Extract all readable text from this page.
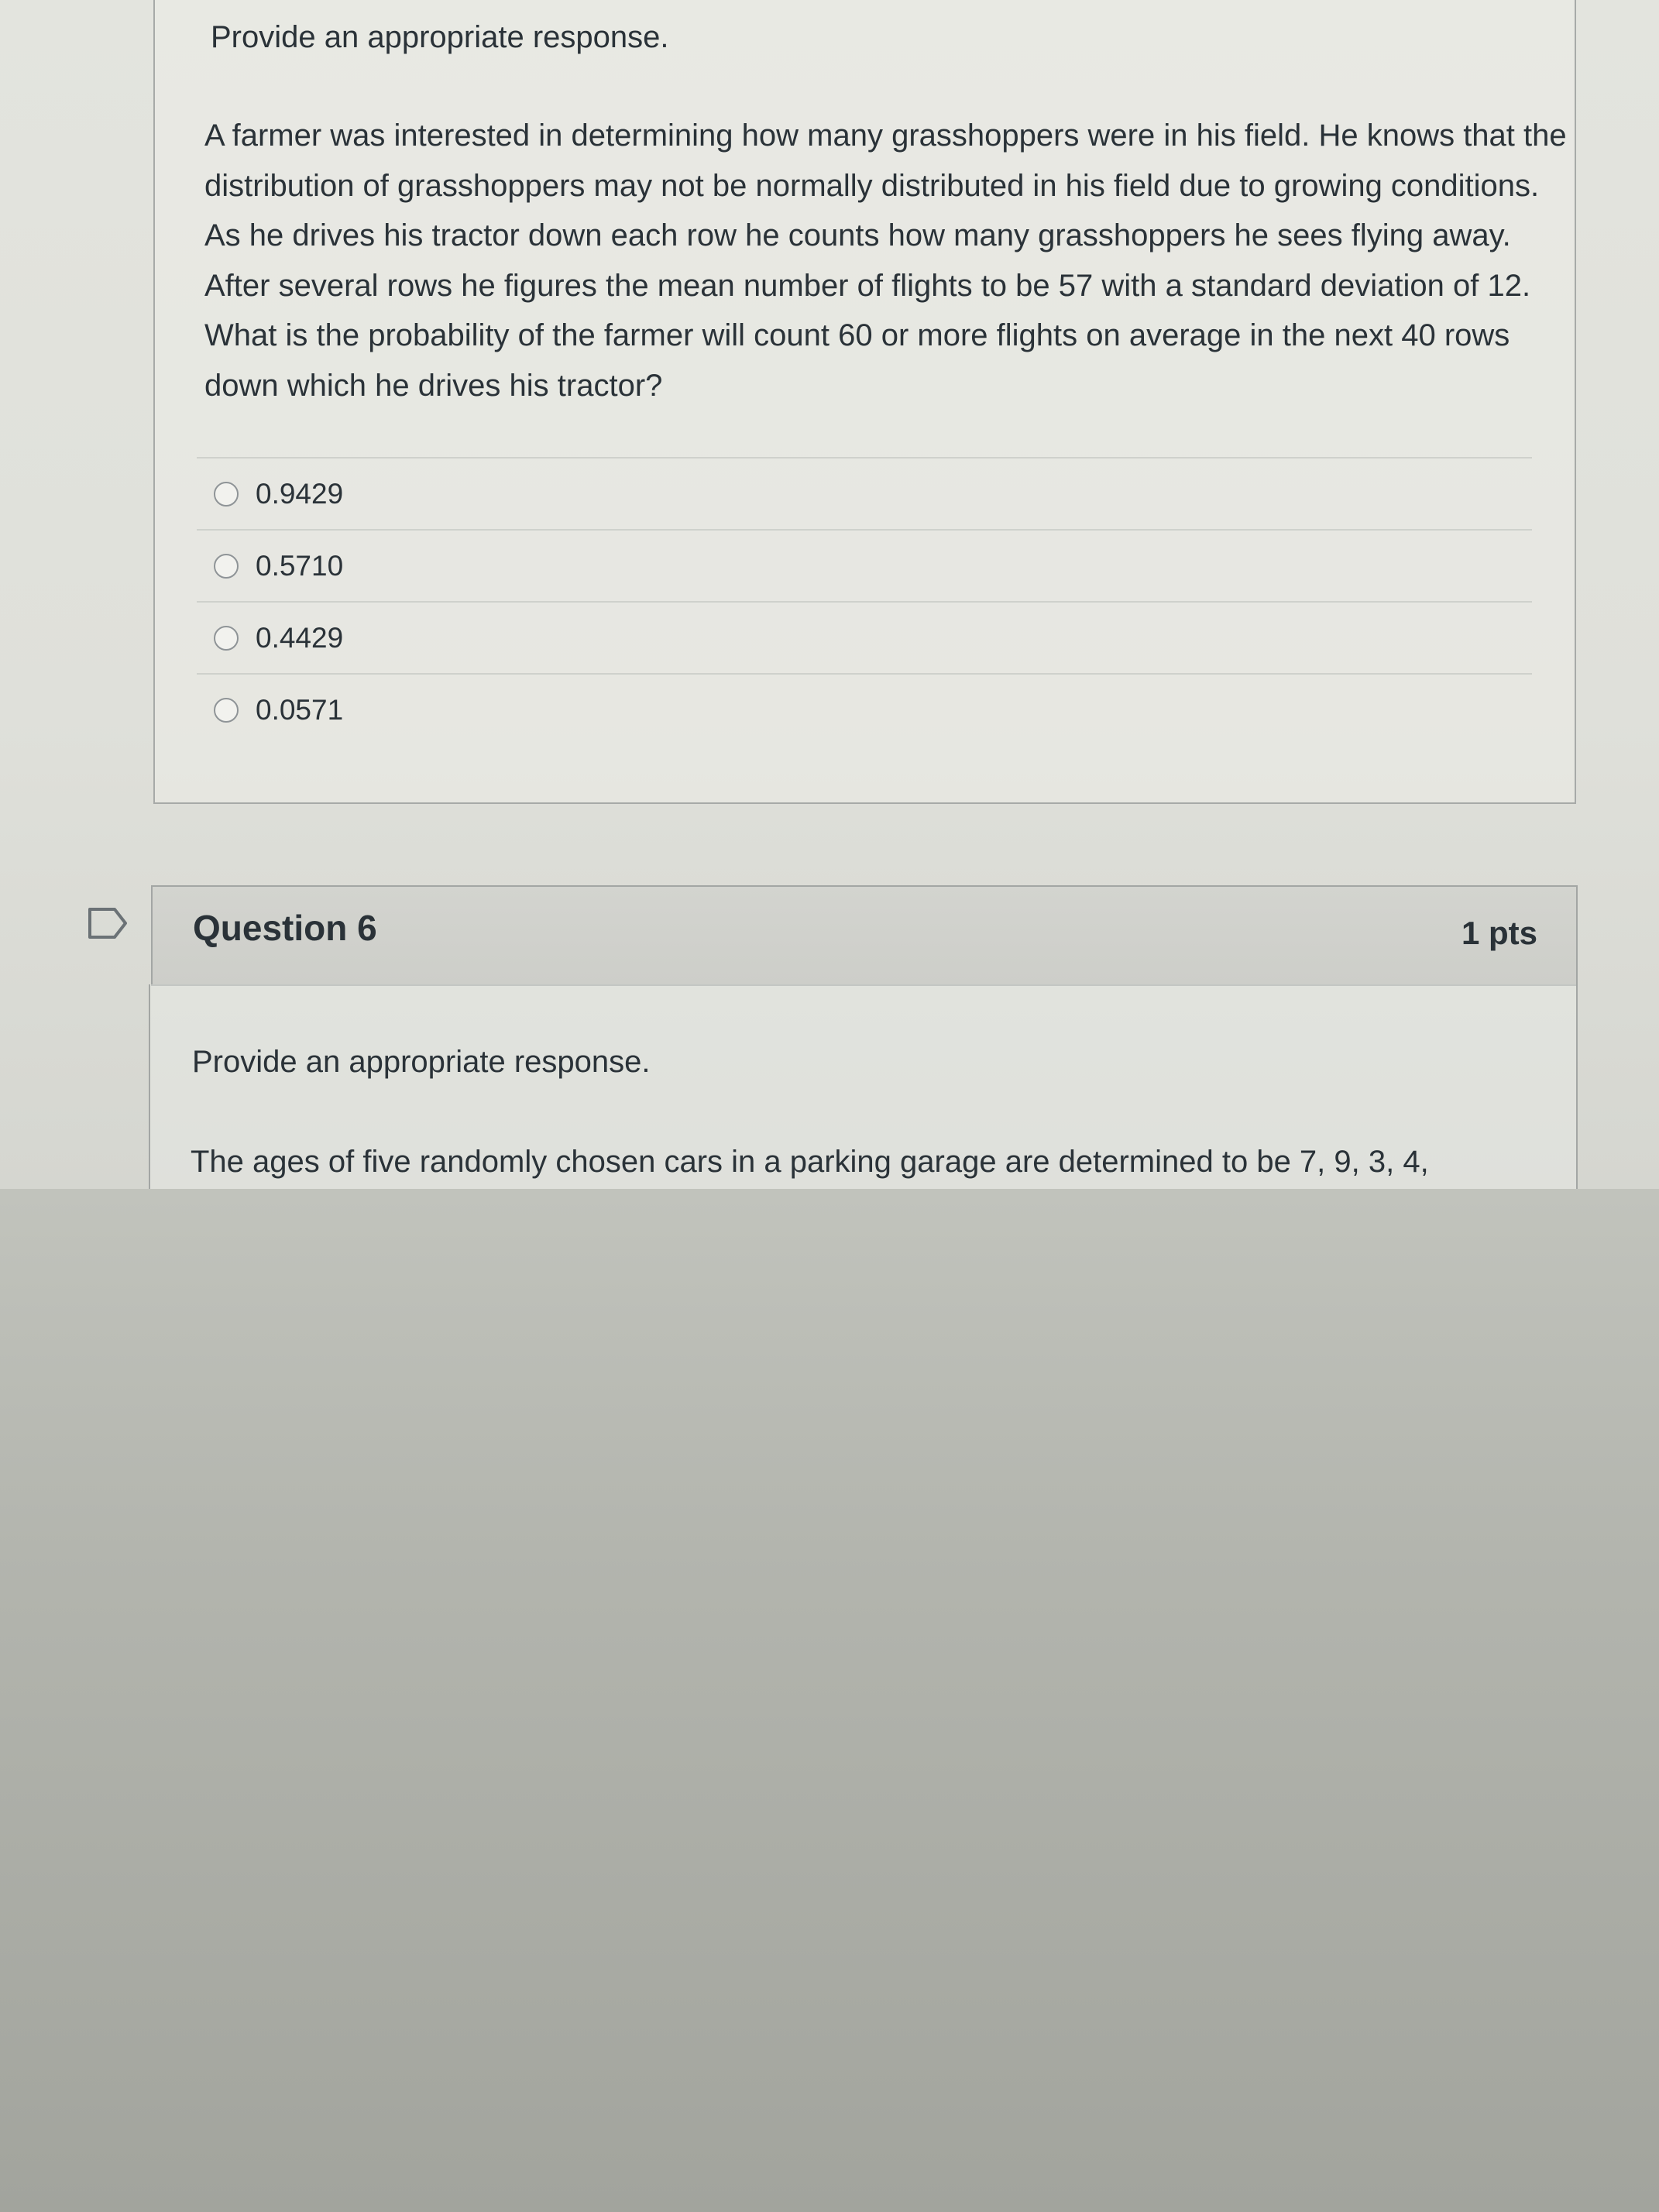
Provide an appropriate response.
A farmer was interested in determining how many grasshoppers were in his field. He knows that the distribution of grasshoppers may not be normally distributed in his field due to growing conditions. As he drives his tractor down each row he counts how many grasshoppers he sees flying away. After several rows he figures the mean number of flights to be 57 with a standard deviation of 12. What is the probability of the farmer will count 60 or more flights on average in the next 40 rows down which he drives his tractor?
0.9429
0.5710
0.4429
0.0571
Question 6	1 pts
Provide an appropriate response.
The ages of five randomly chosen cars in a parking garage are determined to be 7, 9, 3, 4,
